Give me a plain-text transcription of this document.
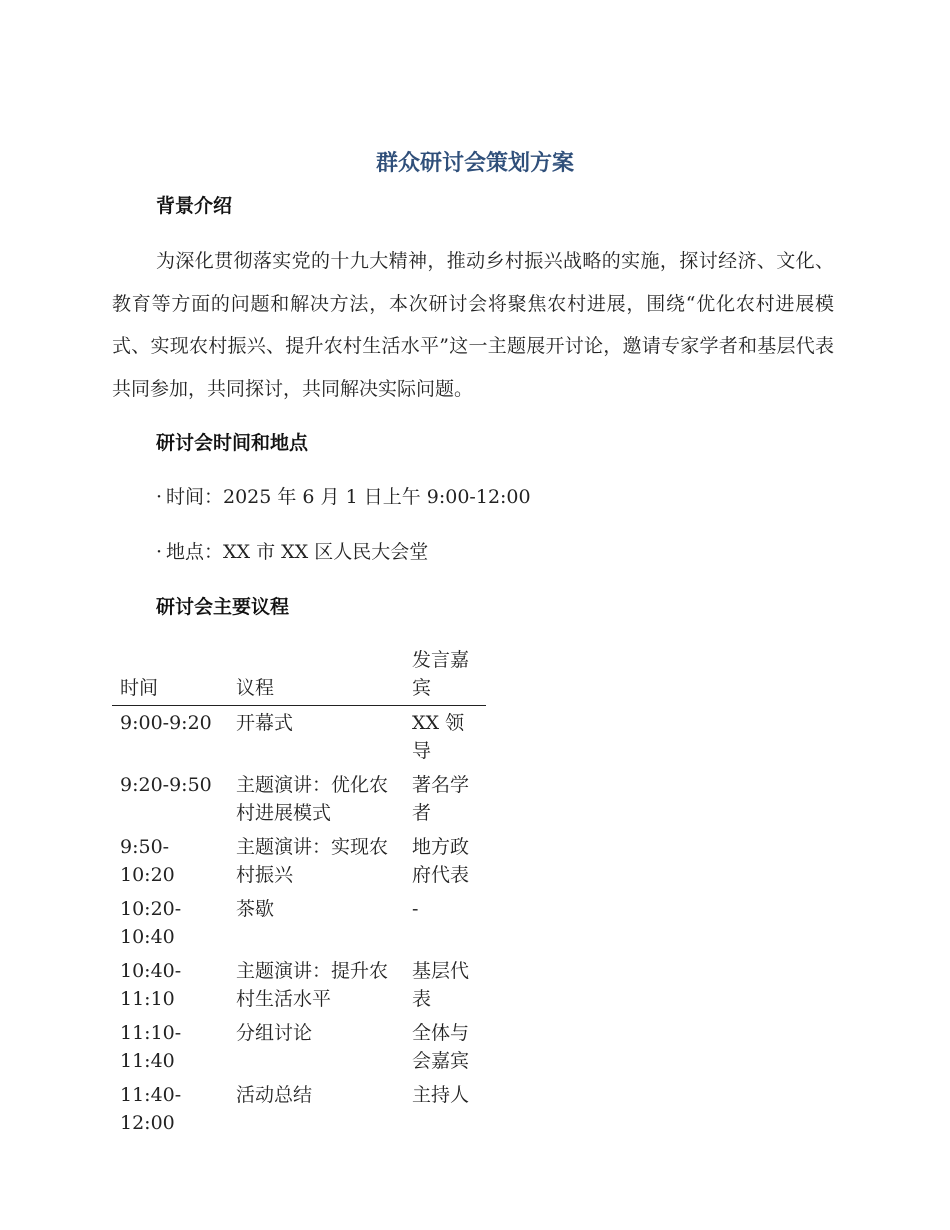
群众研讨会策划方案
背景介绍

为深化贯彻落实党的十九大精神，推动乡村振兴战略的实施，探讨经济、文化、教育等方面的问题和解决方法，本次研讨会将聚焦农村进展，围绕“优化农村进展模式、实现农村振兴、提升农村生活水平”这一主题展开讨论，邀请专家学者和基层代表共同参加，共同探讨，共同解决实际问题。

研讨会时间和地点
· 时间：2025 年 6 月 1 日上午 9:00-12:00
· 地点：XX 市 XX 区人民大会堂
研讨会主要议程
时间	议程	发言嘉宾
9:00-9:20	开幕式	XX 领导
9:20-9:50	主题演讲：优化农村进展模式	著名学者
9:50-10:20	主题演讲：实现农村振兴	地方政府代表
10:20-10:40	茶歇	-
10:40-11:10	主题演讲：提升农村生活水平	基层代表
11:10-11:40	分组讨论	全体与会嘉宾
11:40-12:00	活动总结	主持人
